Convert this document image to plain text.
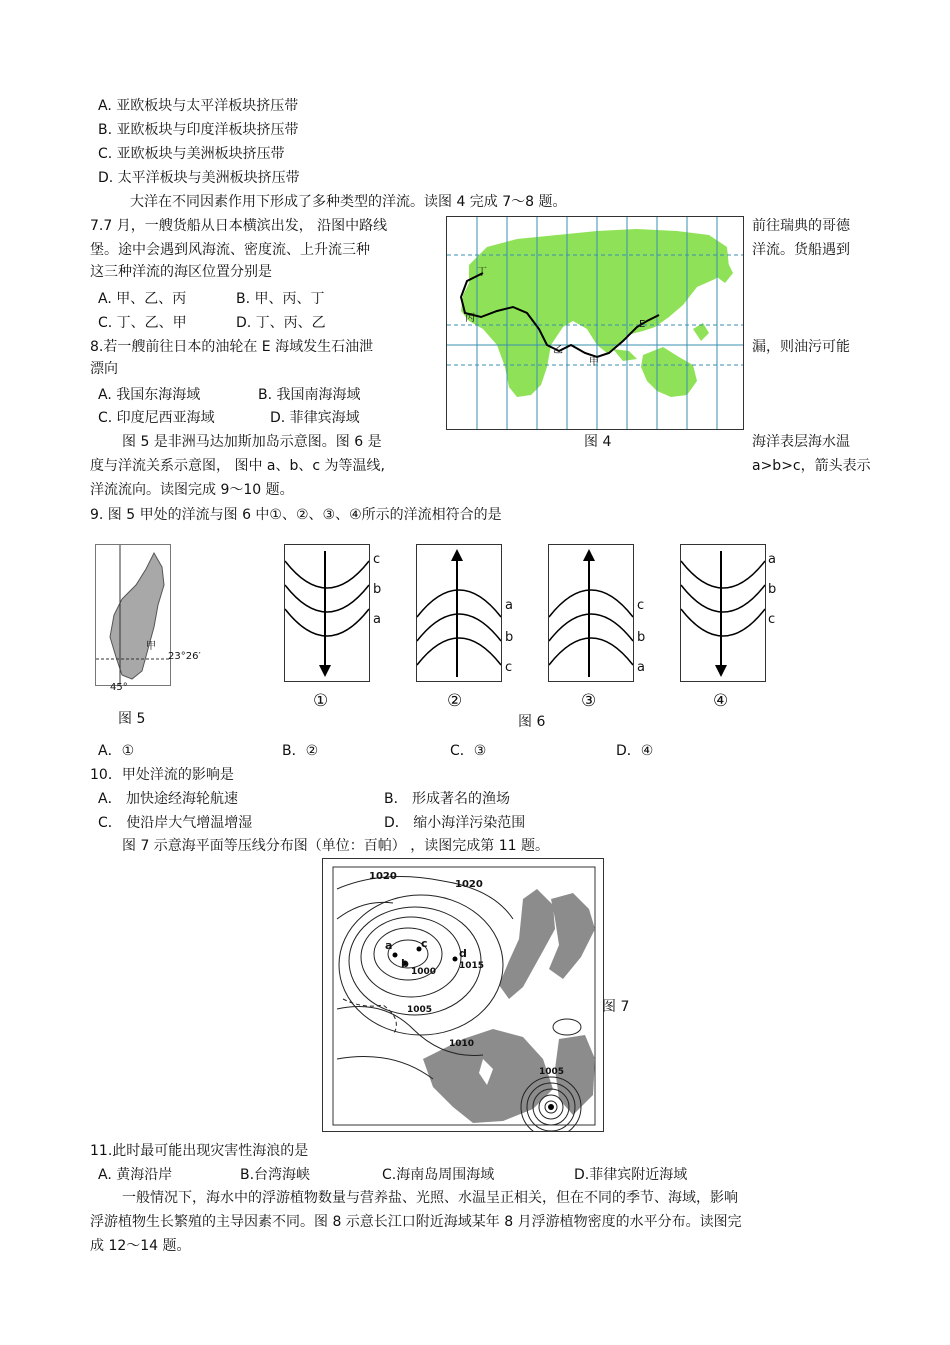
A. 亚欧板块与太平洋板块挤压带
B. 亚欧板块与印度洋板块挤压带
C. 亚欧板块与美洲板块挤压带
D. 太平洋板块与美洲板块挤压带
大洋在不同因素作用下形成了多种类型的洋流。读图 4 完成 7～8 题。
7.7 月，一艘货船从日本横滨出发， 沿图中路线	前往瑞典的哥德
堡。途中会遇到风海流、密度流、上升流三种	洋流。货船遇到
这三种洋流的海区位置分别是
A. 甲、乙、丙	B. 甲、丙、丁
C. 丁、乙、甲	D. 丁、丙、乙
8.若一艘前往日本的油轮在 E 海域发生石油泄	漏，则油污可能
漂向
A. 我国东海海域	B. 我国南海海域
C. 印度尼西亚海域	D. 菲律宾海域
丁
丙
乙
甲
E
图 4
图 5 是非洲马达加斯加岛示意图。图 6 是	海洋表层海水温
度与洋流关系示意图， 图中 a、b、c 为等温线,	a>b>c，箭头表示
洋流流向。读图完成 9～10 题。
9. 图 5 甲处的洋流与图 6 中①、②、③、④所示的洋流相符合的是
甲
23°26′
45°
图 5
c
b
a
①
a
b
c
②
c
b
a
③
a
b
c
④
图 6
A．①	B．②	C．③	D．④
10．甲处洋流的影响是
A． 加快途经海轮航速	B． 形成著名的渔场
C． 使沿岸大气增温增湿	D． 缩小海洋污染范围
图 7 示意海平面等压线分布图（单位：百帕） ，读图完成第 11 题。
1020
1020
a	c
b
d
1015
1000
1005
1010
1005
图 7
11.此时最可能出现灾害性海浪的是
A. 黄海沿岸	B.台湾海峡	C.海南岛周围海域	D.菲律宾附近海域
一般情况下，海水中的浮游植物数量与营养盐、光照、水温呈正相关，但在不同的季节、海域，影响
浮游植物生长繁殖的主导因素不同。图 8 示意长江口附近海域某年 8 月浮游植物密度的水平分布。读图完
成 12～14 题。
